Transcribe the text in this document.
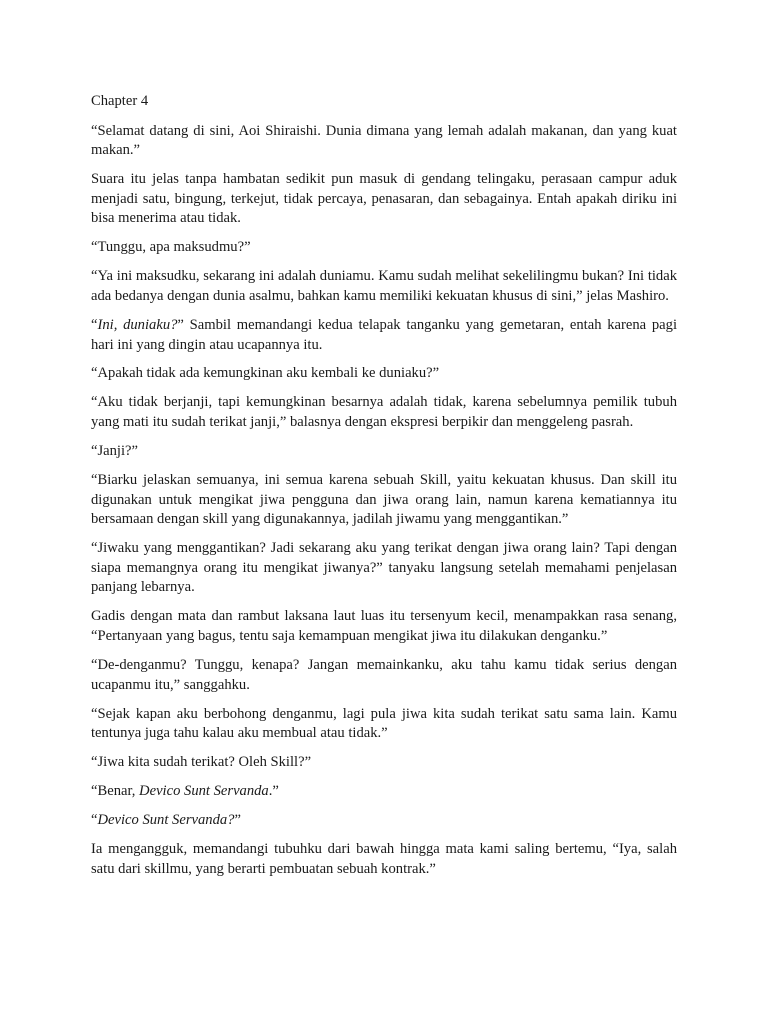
Chapter 4

“Selamat datang di sini, Aoi Shiraishi. Dunia dimana yang lemah adalah makanan, dan yang kuat makan.”

Suara itu jelas tanpa hambatan sedikit pun masuk di gendang telingaku, perasaan campur aduk menjadi satu, bingung, terkejut, tidak percaya, penasaran, dan sebagainya. Entah apakah diriku ini bisa menerima atau tidak.

“Tunggu, apa maksudmu?”

“Ya ini maksudku, sekarang ini adalah duniamu. Kamu sudah melihat sekelilingmu bukan? Ini tidak ada bedanya dengan dunia asalmu, bahkan kamu memiliki kekuatan khusus di sini,” jelas Mashiro.

“Ini, duniaku?” Sambil memandangi kedua telapak tanganku yang gemetaran, entah karena pagi hari ini yang dingin atau ucapannya itu.

“Apakah tidak ada kemungkinan aku kembali ke duniaku?”

“Aku tidak berjanji, tapi kemungkinan besarnya adalah tidak, karena sebelumnya pemilik tubuh yang mati itu sudah terikat janji,” balasnya dengan ekspresi berpikir dan menggeleng pasrah.

“Janji?”

“Biarku jelaskan semuanya, ini semua karena sebuah Skill, yaitu kekuatan khusus. Dan skill itu digunakan untuk mengikat jiwa pengguna dan jiwa orang lain, namun karena kematiannya itu bersamaan dengan skill yang digunakannya, jadilah jiwamu yang menggantikan.”

“Jiwaku yang menggantikan? Jadi sekarang aku yang terikat dengan jiwa orang lain? Tapi dengan siapa memangnya orang itu mengikat jiwanya?” tanyaku langsung setelah memahami penjelasan panjang lebarnya.

Gadis dengan mata dan rambut laksana laut luas itu tersenyum kecil, menampakkan rasa senang, “Pertanyaan yang bagus, tentu saja kemampuan mengikat jiwa itu dilakukan denganku.”

“De-denganmu? Tunggu, kenapa? Jangan memainkanku, aku tahu kamu tidak serius dengan ucapanmu itu,” sanggahku.

“Sejak kapan aku berbohong denganmu, lagi pula jiwa kita sudah terikat satu sama lain. Kamu tentunya juga tahu kalau aku membual atau tidak.”

“Jiwa kita sudah terikat? Oleh Skill?”

“Benar, Devico Sunt Servanda.”

“Devico Sunt Servanda?”

Ia mengangguk, memandangi tubuhku dari bawah hingga mata kami saling bertemu, “Iya, salah satu dari skillmu, yang berarti pembuatan sebuah kontrak.”
